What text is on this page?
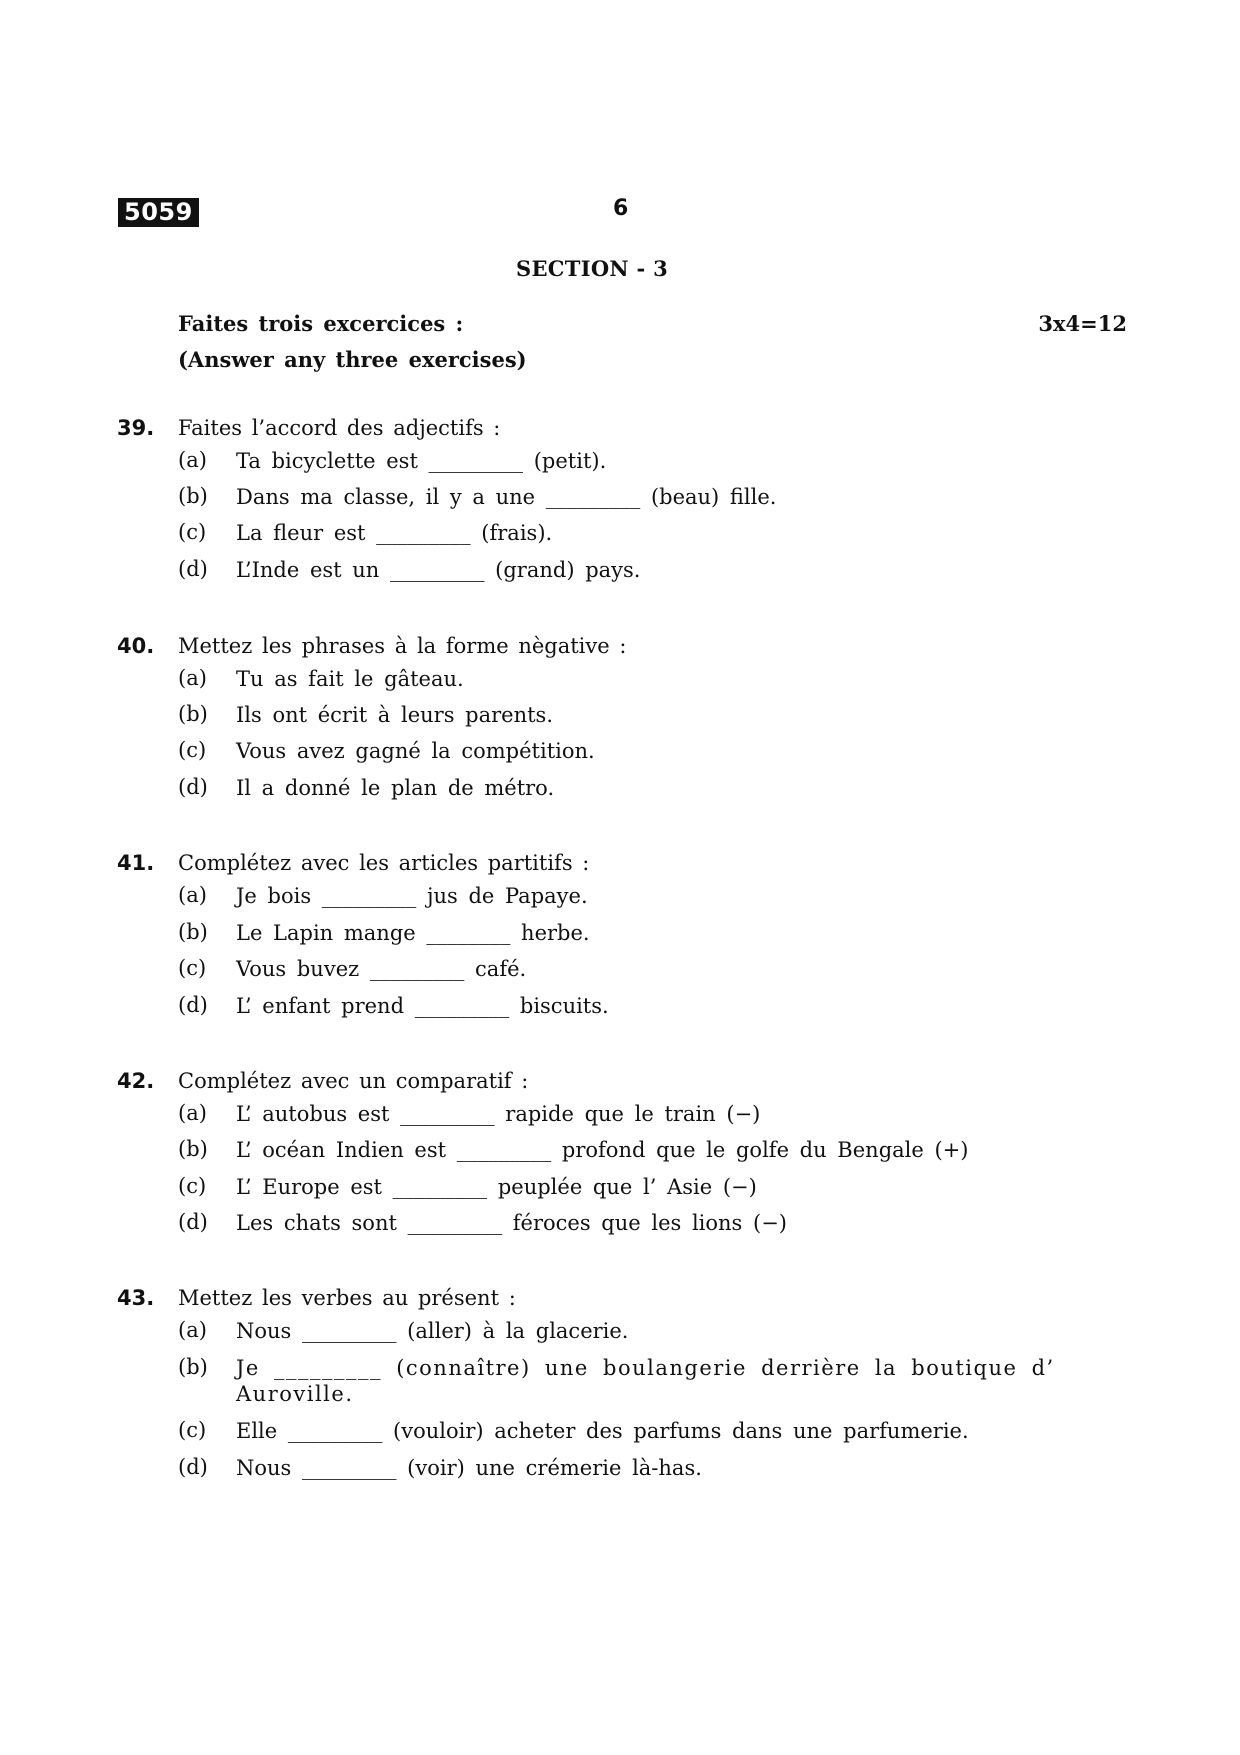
5059	6
SECTION - 3
Faites trois excercices :
(Answer any three exercises)
3x4=12
39. Faites l’accord des adjectifs :
(a) Ta bicyclette est _________ (petit).
(b) Dans ma classe, il y a une _________ (beau) fille.
(c) La fleur est _________ (frais).
(d) L’Inde est un _________ (grand) pays.
40. Mettez les phrases à la forme nègative :
(a) Tu as fait le gâteau.
(b) Ils ont écrit à leurs parents.
(c) Vous avez gagné la compétition.
(d) Il a donné le plan de métro.
41. Complétez avec les articles partitifs :
(a) Je bois _________ jus de Papaye.
(b) Le Lapin mange ________ herbe.
(c) Vous buvez _________ café.
(d) L’ enfant prend _________ biscuits.
42. Complétez avec un comparatif :
(a) L’ autobus est _________ rapide que le train (−)
(b) L’ océan Indien est _________ profond que le golfe du Bengale (+)
(c) L’ Europe est _________ peuplée que l’ Asie (−)
(d) Les chats sont _________ féroces que les lions (−)
43. Mettez les verbes au présent :
(a) Nous _________ (aller) à la glacerie.
(b) Je _________ (connaître) une boulangerie derrière la boutique d’ Auroville.
(c) Elle _________ (vouloir) acheter des parfums dans une parfumerie.
(d) Nous _________ (voir) une crémerie là-has.
